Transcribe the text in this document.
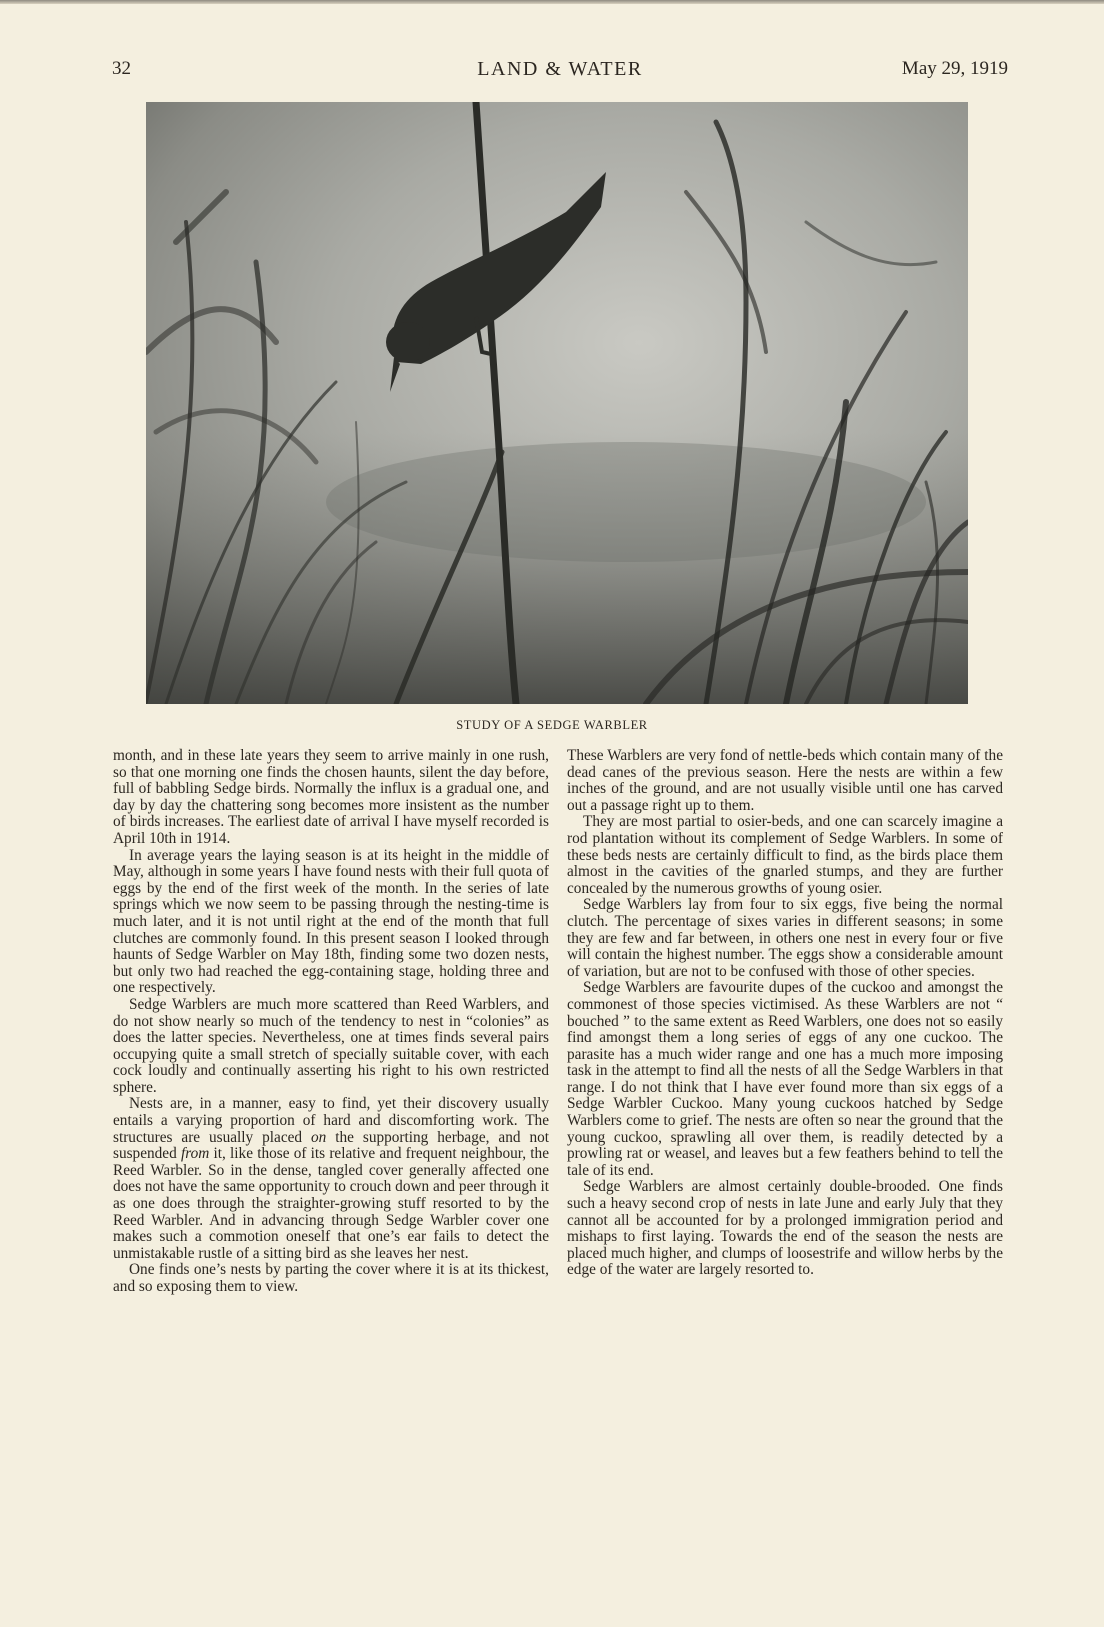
32	LAND & WATER	May 29, 1919
STUDY OF A SEDGE WARBLER

month, and in these late years they seem to arrive mainly in one rush, so that one morning one finds the chosen haunts, silent the day before, full of babbling Sedge birds. Normally the influx is a gradual one, and day by day the chattering song becomes more insistent as the number of birds increases. The earliest date of arrival I have myself recorded is April 10th in 1914.

In average years the laying season is at its height in the middle of May, although in some years I have found nests with their full quota of eggs by the end of the first week of the month. In the series of late springs which we now seem to be passing through the nesting-time is much later, and it is not until right at the end of the month that full clutches are commonly found. In this present season I looked through haunts of Sedge Warbler on May 18th, finding some two dozen nests, but only two had reached the egg-containing stage, holding three and one respectively.

Sedge Warblers are much more scattered than Reed Warblers, and do not show nearly so much of the tendency to nest in “colonies” as does the latter species. Nevertheless, one at times finds several pairs occupying quite a small stretch of specially suitable cover, with each cock loudly and continually asserting his right to his own restricted sphere.

Nests are, in a manner, easy to find, yet their discovery usually entails a varying proportion of hard and discomforting work. The structures are usually placed on the supporting herbage, and not suspended from it, like those of its relative and frequent neighbour, the Reed Warbler. So in the dense, tangled cover generally affected one does not have the same opportunity to crouch down and peer through it as one does through the straighter-growing stuff resorted to by the Reed Warbler. And in advancing through Sedge Warbler cover one makes such a commotion oneself that one’s ear fails to detect the unmistakable rustle of a sitting bird as she leaves her nest.

One finds one’s nests by parting the cover where it is at its thickest, and so exposing them to view.

These Warblers are very fond of nettle-beds which contain many of the dead canes of the previous season. Here the nests are within a few inches of the ground, and are not usually visible until one has carved out a passage right up to them.

They are most partial to osier-beds, and one can scarcely imagine a rod plantation without its complement of Sedge Warblers. In some of these beds nests are certainly difficult to find, as the birds place them almost in the cavities of the gnarled stumps, and they are further concealed by the numerous growths of young osier.

Sedge Warblers lay from four to six eggs, five being the normal clutch. The percentage of sixes varies in different seasons; in some they are few and far between, in others one nest in every four or five will contain the highest number. The eggs show a considerable amount of variation, but are not to be confused with those of other species.

Sedge Warblers are favourite dupes of the cuckoo and amongst the commonest of those species victimised. As these Warblers are not “ bouched ” to the same extent as Reed Warblers, one does not so easily find amongst them a long series of eggs of any one cuckoo. The parasite has a much wider range and one has a much more imposing task in the attempt to find all the nests of all the Sedge Warblers in that range. I do not think that I have ever found more than six eggs of a Sedge Warbler Cuckoo. Many young cuckoos hatched by Sedge Warblers come to grief. The nests are often so near the ground that the young cuckoo, sprawling all over them, is readily detected by a prowling rat or weasel, and leaves but a few feathers behind to tell the tale of its end.

Sedge Warblers are almost certainly double-brooded. One finds such a heavy second crop of nests in late June and early July that they cannot all be accounted for by a prolonged immigration period and mishaps to first laying. Towards the end of the season the nests are placed much higher, and clumps of loosestrife and willow herbs by the edge of the water are largely resorted to.
